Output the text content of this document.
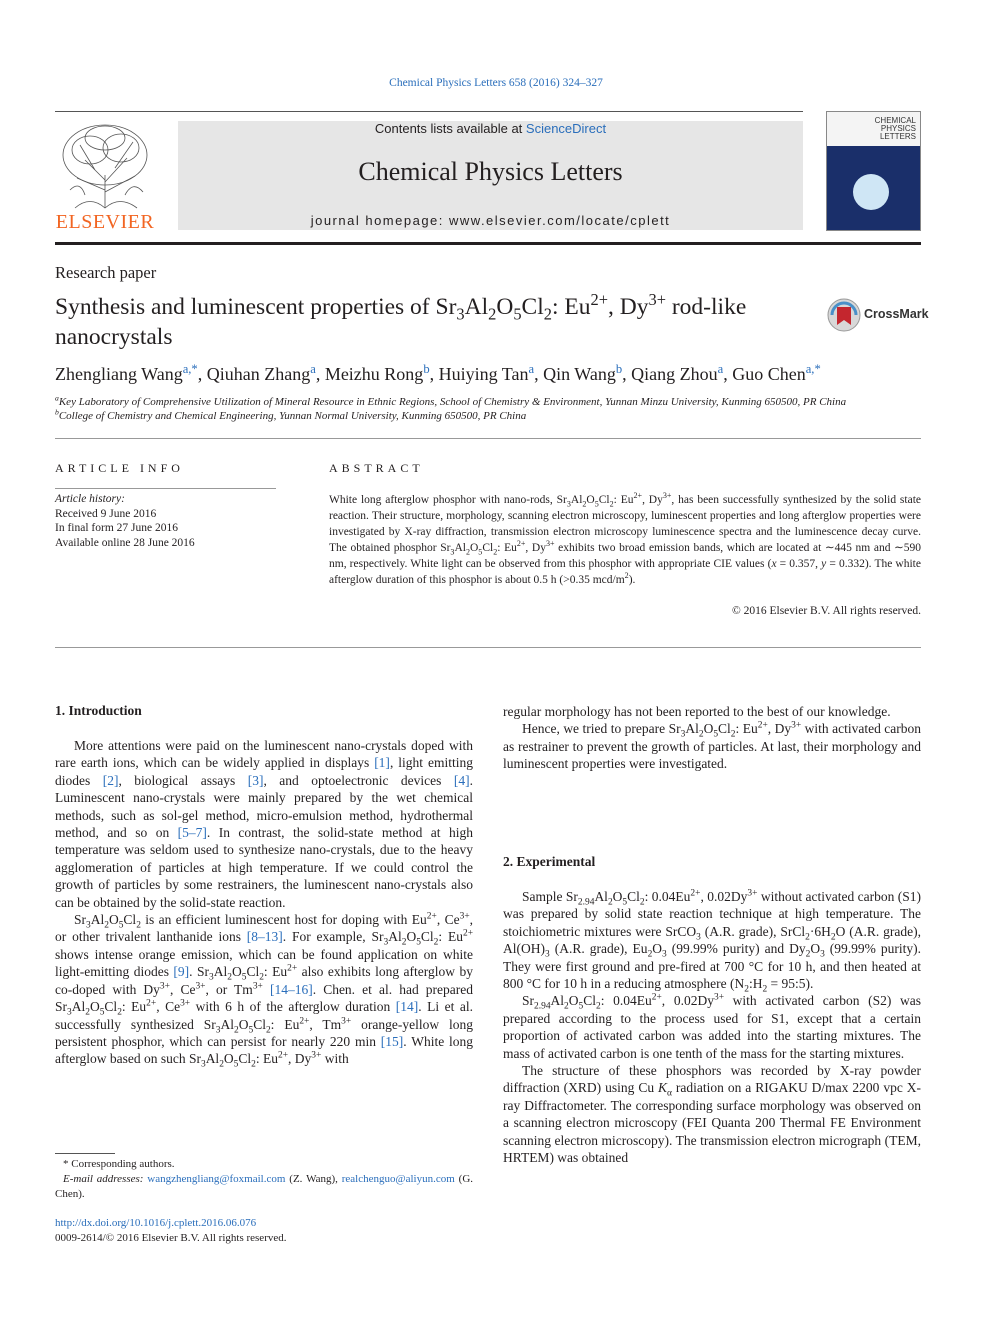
Chemical Physics Letters 658 (2016) 324–327
ELSEVIER
Contents lists available at ScienceDirect
Chemical Physics Letters
journal homepage: www.elsevier.com/locate/cplett
CHEMICAL
PHYSICS
LETTERS
Research paper
Synthesis and luminescent properties of $Sr_3Al_2O_5Cl_2$: $Eu^{2+}$, $Dy^{3+}$ rod-like
nanocrystals
CrossMark
Zhengliang Wang$^{a,*}$, Qiuhan Zhang$^a$, Meizhu Rong$^b$, Huiying Tan$^a$, Qin Wang$^b$, Qiang Zhou$^a$, Guo Chen$^{a,*}$
$^a$Key Laboratory of Comprehensive Utilization of Mineral Resource in Ethnic Regions, School of Chemistry & Environment, Yunnan Minzu University, Kunming 650500, PR China
$^b$College of Chemistry and Chemical Engineering, Yunnan Normal University, Kunming 650500, PR China
ARTICLE INFO
Article history:
Received 9 June 2016
In final form 27 June 2016
Available online 28 June 2016
ABSTRACT
White long afterglow phosphor with nano-rods, $Sr_3Al_2O_5Cl_2$: $Eu^{2+}$, $Dy^{3+}$, has been successfully synthesized by the solid state reaction. Their structure, morphology, scanning electron microscopy, luminescent properties and long afterglow properties were investigated by X-ray diffraction, transmission electron microscopy luminescence spectra and the luminescence decay curve. The obtained phosphor $Sr_3Al_2O_5Cl_2$: $Eu^{2+}$, $Dy^{3+}$ exhibits two broad emission bands, which are located at ∼445 nm and ∼590 nm, respectively. White light can be observed from this phosphor with appropriate CIE values (x = 0.357, y = 0.332). The white afterglow duration of this phosphor is about 0.5 h (>0.35 mcd/$m^2$).
© 2016 Elsevier B.V. All rights reserved.
1. Introduction

More attentions were paid on the luminescent nano-crystals doped with rare earth ions, which can be widely applied in displays [1], light emitting diodes [2], biological assays [3], and optoelectronic devices [4]. Luminescent nano-crystals were mainly prepared by the wet chemical methods, such as sol-gel method, micro-emulsion method, hydrothermal method, and so on [5–7]. In contrast, the solid-state method at high temperature was seldom used to synthesize nano-crystals, due to the heavy agglomeration of particles at high temperature. If we could control the growth of particles by some restrainers, the luminescent nano-crystals also can be obtained by the solid-state reaction.

$Sr_3Al_2O_5Cl_2$ is an efficient luminescent host for doping with $Eu^{2+}$, $Ce^{3+}$, or other trivalent lanthanide ions [8–13]. For example, $Sr_3Al_2O_5Cl_2$: $Eu^{2+}$ shows intense orange emission, which can be found application on white light-emitting diodes [9]. $Sr_3Al_2O_5Cl_2$: $Eu^{2+}$ also exhibits long afterglow by co-doped with $Dy^{3+}$, $Ce^{3+}$, or $Tm^{3+}$ [14–16]. Chen. et al. had prepared $Sr_3Al_2O_5Cl_2$: $Eu^{2+}$, $Ce^{3+}$ with 6 h of the afterglow duration [14]. Li et al. successfully synthesized $Sr_3Al_2O_5Cl_2$: $Eu^{2+}$, $Tm^{3+}$ orange-yellow long persistent phosphor, which can persist for nearly 220 min [15]. White long afterglow based on such $Sr_3Al_2O_5Cl_2$: $Eu^{2+}$, $Dy^{3+}$ with

* Corresponding authors.
E-mail addresses: wangzhengliang@foxmail.com (Z. Wang), realchenguo@aliyun.com (G. Chen).
http://dx.doi.org/10.1016/j.cplett.2016.06.076
0009-2614/© 2016 Elsevier B.V. All rights reserved.

regular morphology has not been reported to the best of our knowledge.

Hence, we tried to prepare $Sr_3Al_2O_5Cl_2$: $Eu^{2+}$, $Dy^{3+}$ with activated carbon as restrainer to prevent the growth of particles. At last, their morphology and luminescent properties were investigated.

2. Experimental

Sample $Sr_{2.94}Al_2O_5Cl_2$: $0.04Eu^{2+}$, $0.02Dy^{3+}$ without activated carbon (S1) was prepared by solid state reaction technique at high temperature. The stoichiometric mixtures were SrCO$_3$ (A.R. grade), $SrCl_2\cdot 6H_2O$ (A.R. grade), $Al(OH)_3$ (A.R. grade), $Eu_2O_3$ (99.99% purity) and $Dy_2O_3$ (99.99% purity). They were first ground and pre-fired at 700 °C for 10 h, and then heated at 800 °C for 10 h in a reducing atmosphere ($N_2:H_2$ = 95:5).

$Sr_{2.94}Al_2O_5Cl_2$: $0.04Eu^{2+}$, $0.02Dy^{3+}$ with activated carbon (S2) was prepared according to the process used for S1, except that a certain proportion of activated carbon was added into the starting mixtures. The mass of activated carbon is one tenth of the mass for the starting mixtures.

The structure of these phosphors was recorded by X-ray powder diffraction (XRD) using Cu $K_\alpha$ radiation on a RIGAKU D/max 2200 vpc X-ray Diffractometer. The corresponding surface morphology was observed on a scanning electron microscopy (FEI Quanta 200 Thermal FE Environment scanning electron microscopy). The transmission electron micrograph (TEM, HRTEM) was obtained
